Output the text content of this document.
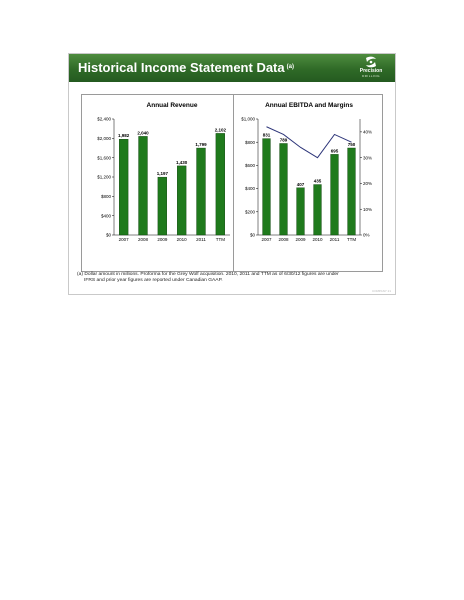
Historical Income Statement Data $^{(a)}$
Precision
DRILLING
Annual Revenue
$0
$400
$800
$1,200
$1,600
$2,000
$2,400
1,982
2007
2,040
2008
1,197
2009
1,430
2010
1,799
2011
2,102
TTM
Annual EBITDA and Margins
$0
$200
$400
$600
$800
$1,000
831
2007
789
2008
407
2009
435
2010
695
2011
750
TTM
0%
10%
20%
30%
40%
(a) Dollar amount in millions. Proforma for the Grey Wolf acquisition. 2010, 2011 and TTM as of 6/30/12 figures are under
IFRS and prior year figures are reported under Canadian GAAP.
COMPANY 21
